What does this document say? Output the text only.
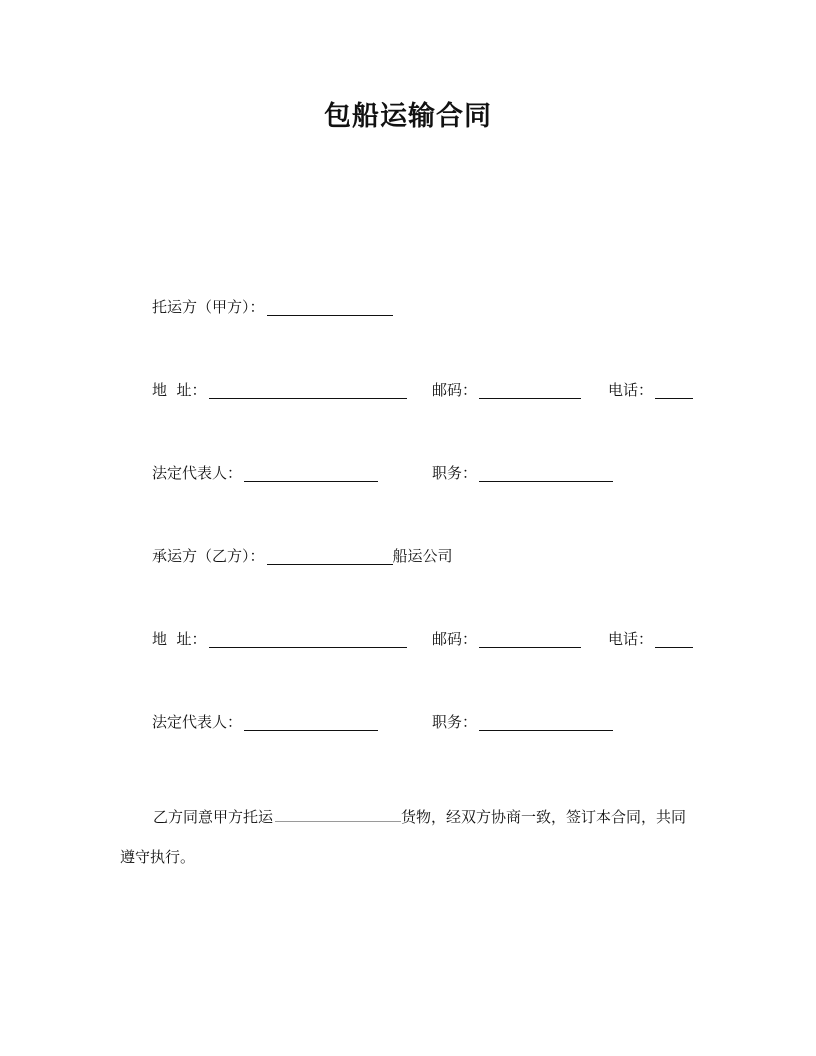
包船运输合同
托运方（甲方）：
地  址：	邮码：	电话：
法定代表人：	职务：
承运方（乙方）：	船运公司
地  址：	邮码：	电话：
法定代表人：	职务：
乙方同意甲方托运	货物，经双方协商一致，签订本合同，共同遵守执行。
